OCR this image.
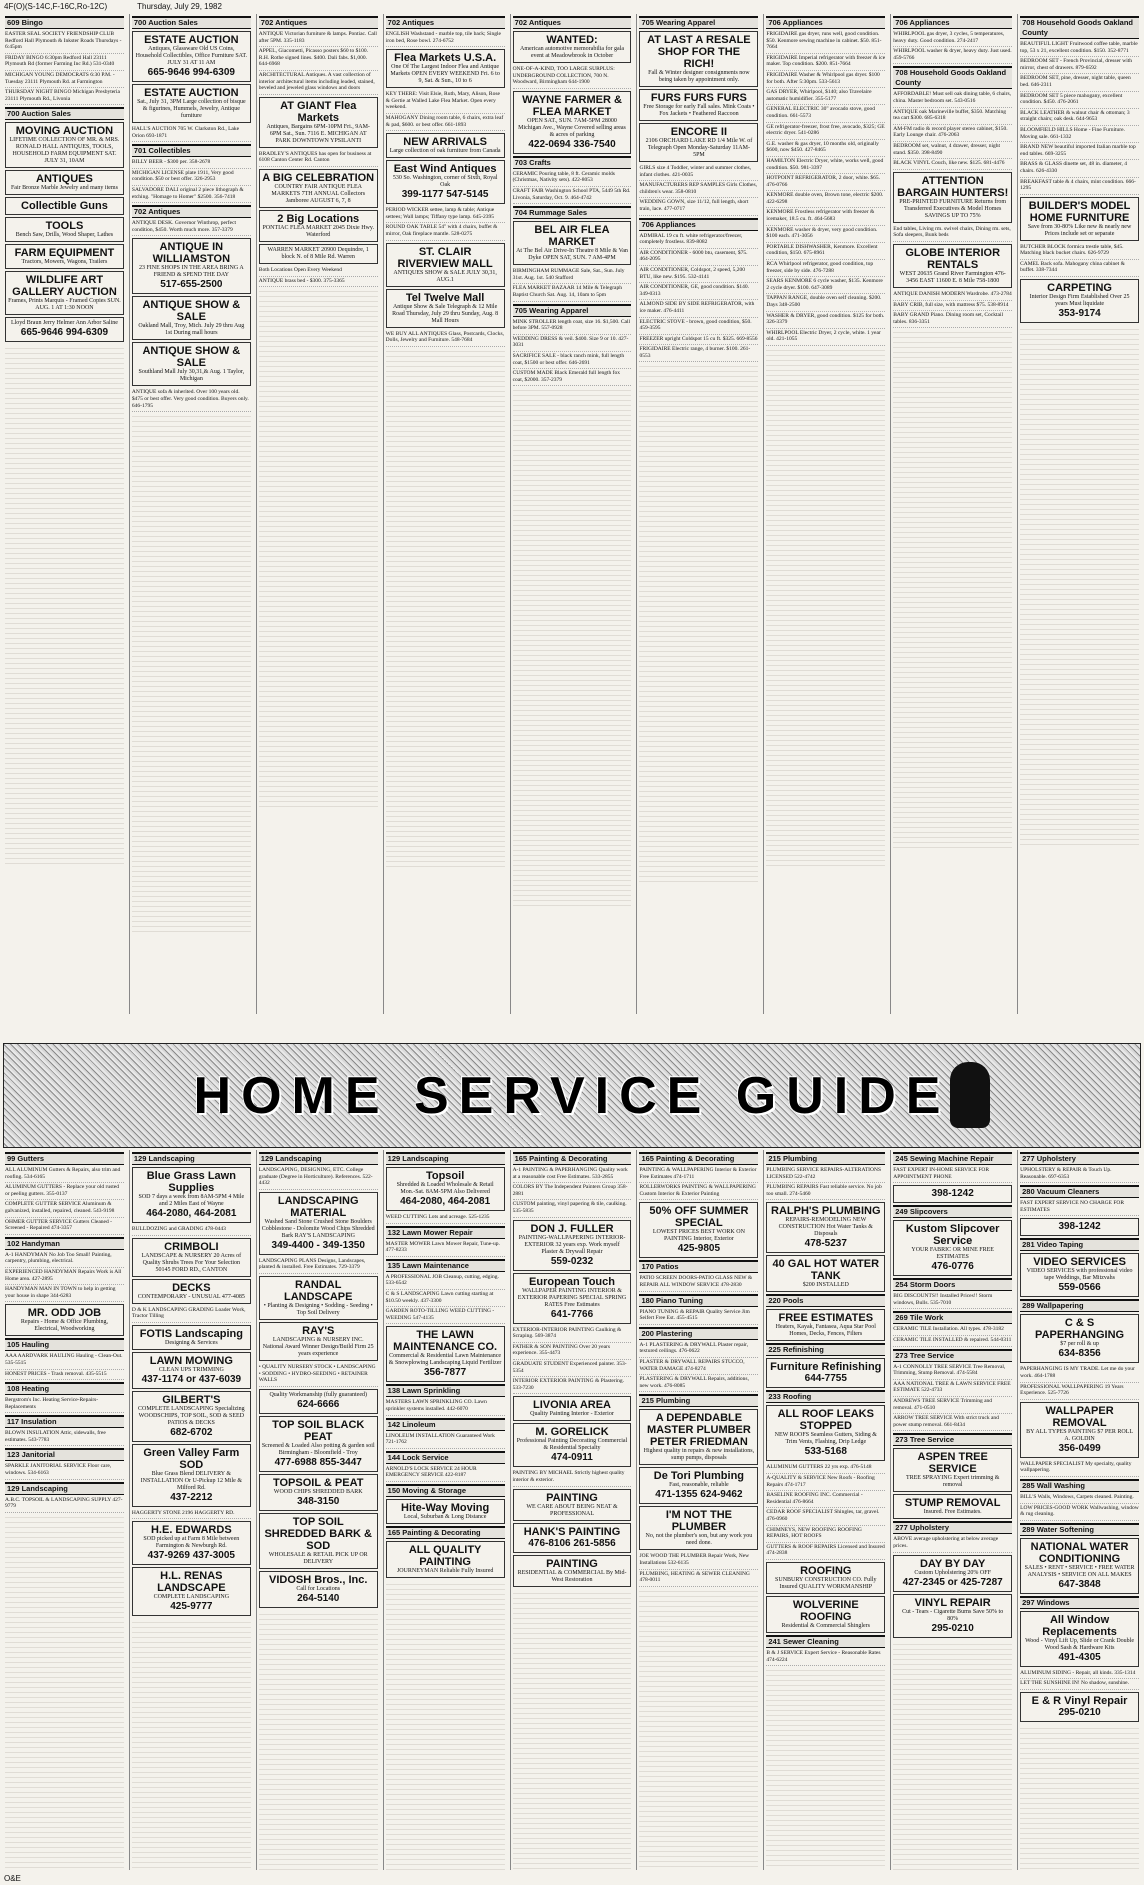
4F(O)(S-14C,F-16C,Ro-12C)	Thursday, July 29, 1982
609 Bingo
EASTER SEAL SOCIETY FRIENDSHIP CLUB Redford Hall Plymouth & Inkster Roads Thursdays - 6:45pm
FRIDAY BINGO 6:30pm Redford Hall 23111 Plymouth Rd (former Farming Inc Rd.) 531-0340
MICHIGAN YOUNG DEMOCRATS 6:30 P.M. - Tuesday 23111 Plymouth Rd. at Farmington
THURSDAY NIGHT BINGO Michigan Presbyteria 23111 Plymouth Rd., Livonia
700 Auction Sales
MOVING AUCTION
LIFETIME COLLECTION OF MR. & MRS. RONALD HALL ANTIQUES, TOOLS, HOUSEHOLD FARM EQUIPMENT SAT. JULY 31, 10AM
ANTIQUES
Fair Bronze Marble Jewelry and many items
Collectible Guns
TOOLS
Bench Saw, Drills, Wood Shaper, Lathes
FARM EQUIPMENT
Tractors, Mowers, Wagons, Trailers
WILDLIFE ART GALLERY AUCTION
Frames, Prints Marquis - Framed Copies SUN. AUG. 1 AT 1:30 NOON
Lloyd Braun Jerry Helmer Ann Arbor Saline
665-9646 994-6309
700 Auction Sales
ESTATE AUCTION
Antiques, Glassware Old US Coins, Household Collectibles, Office Furniture SAT. JULY 31 AT 11 AM
665-9646 994-6309
ESTATE AUCTION
Sat., July 31, 3PM Large collection of bisque & figurines, Hummels, Jewelry, Antique furniture
HALL'S AUCTION 705 W. Clarkston Rd., Lake Orion 693-1871
701 Collectibles
BILLY BEER - $300 per. 358-2678
MICHIGAN LICENSE plate 1911, Very good condition. $50 or best offer. 326-2953
SALVADORE DALI original 2 piece lithograph & etching. "Homage to Homer" $2500. 356-7418
702 Antiques
ANTIQUE DESK. Governor Winthrop, perfect condition, $450. Worth much more. 357-3379
ANTIQUE IN WILLIAMSTON
23 FINE SHOPS IN THE AREA BRING A FRIEND & SPEND THE DAY
517-655-2500
ANTIQUE SHOW & SALE
Oakland Mall, Troy, Mich. July 29 thru Aug 1st During mall hours
ANTIQUE SHOW & SALE
Southland Mall July 30,31,& Aug. 1 Taylor, Michigan
ANTIQUE sofa & inherited. Over 100 years old. $475 or best offer. Very good condition. Buyers only. 646-1795
702 Antiques
ANTIQUE Victorian furniture & lamps. Pontiac. Call after 5PM. 335-1183
APPEL, Giacometti, Picasso posters $60 to $100. R.H. Rothe signed lines. $400. Dali fabs. $1,000. 644-6968
ARCHITECTURAL Antiques. A vast collection of interior architectural items including leaded, stained, beveled and jeweled glass windows and doors
AT GIANT Flea Markets
Antiques, Bargains 6PM-10PM Fri., 9AM-6PM Sat., Sun. 7116 E. MICHIGAN AT PARK DOWNTOWN YPSILANTI
BRADLEY'S ANTIQUES has open for business at 6108 Canton Center Rd. Canton
A BIG CELEBRATION
COUNTRY FAIR ANTIQUE FLEA MARKETS 7TH ANNUAL Collectors Jamboree AUGUST 6, 7, 8
2 Big Locations
PONTIAC FLEA MARKET 2045 Dixie Hwy. Waterford
WARREN MARKET 20900 Dequindre, 1 block N. of 8 Mile Rd. Warren
Both Locations Open Every Weekend
ANTIQUE brass bed - $300. 375-3365
702 Antiques
ENGLISH Washstand - marble top, tile back; Single iron bed, Rose bowl. 274-6752
Flea Markets U.S.A.
One Of The Largest Indoor Flea and Antique Markets OPEN EVERY WEEKEND Fri. 6 to 9, Sat. & Sun., 10 to 6
KEY THERE: Visit Elsie, Ruth, Mary, Alison, Rose & Gertie at Walled Lake Flea Market. Open every weekend.
MAHOGANY Dining room table, 6 chairs, extra leaf & pad, $600. or best offer. 661-1893
NEW ARRIVALS
Large collection of oak furniture from Canada
East Wind Antiques
530 So. Washington, corner of Sixth, Royal Oak
399-1177 547-5145
PERIOD WICKER settee, lamp & table; Antique settees; Wall lamps; Tiffany type lamp. 645-2395
ROUND OAK TABLE 54" with 4 chairs, buffet & mirror, Oak fireplace mantle. 528-0275
ST. CLAIR RIVERVIEW MALL
ANTIQUES SHOW & SALE JULY 30,31, AUG.1
Tel Twelve Mall
Antique Show & Sale Telegraph & 12 Mile Road Thursday, July 29 thru Sunday, Aug. 8 Mall Hours
WE BUY ALL ANTIQUES Glass, Postcards, Clocks, Dolls, Jewelry and Furniture. 548-7684
702 Antiques
WANTED:
American automotive memorabilia for gala event at Meadowbrook in October
ONE-OF-A-KIND, TOO LARGE SURPLUS: UNDERGROUND COLLECTION, 700 N. Woodward, Birmingham 644-1900
WAYNE FARMER & FLEA MARKET
OPEN SAT., SUN. 7AM-5PM 28000 Michigan Ave., Wayne Covered selling areas & acres of parking
422-0694 336-7540
703 Crafts
CERAMIC Pouring table, 8 ft. Ceramic molds (Christmas, Nativity sets). 422-8053
CRAFT FAIR Washington School PTA, 5449 5th Rd. Livonia, Saturday, Oct. 9. 464-4742
704 Rummage Sales
BEL AIR FLEA MARKET
At The Bel Air Drive-In Theatre 8 Mile & Van Dyke OPEN SAT, SUN. 7 AM-4PM
BIRMINGHAM RUMMAGE Sale, Sat., Sun. July 31st. Aug. 1st. 540 Stafford
FLEA MARKET BAZAAR 14 Mile & Telegraph Baptist Church Sat. Aug. 14, 10am to 5pm
705 Wearing Apparel
MINK STROLLER length coat, size 16. $1,500. Call before 3PM. 557-0928
WEDDING DRESS & veil. $400. Size 9 or 10. 427-3031
SACRIFICE SALE - black ranch mink, full length coat, $1500 or best offer. 646-2691
CUSTOM MADE Black Emerald full length fox coat, $2000. 357-2379
705 Wearing Apparel
AT LAST A RESALE SHOP FOR THE RICH!
Fall & Winter designer consignments now being taken by appointment only.
FURS FURS FURS
Free Storage for early Fall sales. Mink Coats • Fox Jackets • Feathered Raccoon
ENCORE II
2106 ORCHARD LAKE RD 1/4 Mile W. of Telegraph Open Monday-Saturday 11AM-5PM
GIRLS size 4 Toddler, winter and summer clothes, infant clothes. 421-0035
MANUFACTURERS REP SAMPLES Girls Clothes, children's wear. 358-0810
WEDDING GOWN, size 11/12, full length, short train, lace. 477-0717
706 Appliances
ADMIRAL 19 cu ft. white refrigerator/freezer, completely frostless. 839-8082
AIR CONDITIONER - 6000 btu, casement, $75. 464-2095
AIR CONDITIONER, Coldspot, 2 speed, 5,200 BTU, like new. $195. 532-4141
AIR CONDITIONER, GE, good condition. $140. 349-0313
ALMOND SIDE BY SIDE REFRIGERATOR, with ice maker. 476-4411
ELECTRIC STOVE - brown, good condition, $50. 459-3595
FREEZER upright Coldspot 15 cu ft. $325. 669-8556
FRIGIDAIRE Electric range, 4 burner. $100. 261-0553
706 Appliances
FRIGIDAIRE gas dryer, runs well, good condition. $50. Kenmore sewing machine in cabinet. $50. 851-7664
FRIGIDAIRE Imperial refrigerator with freezer & ice maker. Top condition. $200. 851-7664
FRIGIDAIRE Washer & Whirlpool gas dryer. $100 for both. After 5:30pm. 533-5613
GAS DRYER, Whirlpool, $140; also Travelaire automatic humidifier. 355-5177
GENERAL ELECTRIC 30" avocado stove, good condition. 661-5573
GE refrigerator-freezer, frost free, avocado, $325; GE electric dryer. 541-0286
G.E. washer & gas dryer, 10 months old, originally $600, now $450. 427-8465
HAMILTON Electric Dryer, white, works well, good condition. $50. 981-3397
HOTPOINT REFRIGERATOR, 2 door, white. $65. 476-0766
KENMORE double oven, Brown tone, electric $200. 422-6298
KENMORE Frostless refrigerator with freezer & icemaker, 18.5 cu. ft. 464-5683
KENMORE washer & dryer, very good condition. $100 each. 471-3056
PORTABLE DISHWASHER, Kenmore. Excellent condition, $150. 675-8961
RCA Whirlpool refrigerator, good condition, top freezer, side by side. 476-7288
SEARS KENMORE 6 cycle washer, $135. Kenmore 2 cycle dryer. $100. 647-3089
TAPPAN RANGE, double oven self cleaning. $200. Days 348-2500
WASHER & DRYER, good condition. $125 for both. 326-3379
WHIRLPOOL Electric Dryer, 2 cycle, white. 1 year old. 421-1055
706 Appliances
WHIRLPOOL gas dryer, 3 cycles, 5 temperatures, heavy duty. Good condition. 274-2417
WHIRLPOOL washer & dryer, heavy duty. Just used. 459-5766
708 Household Goods Oakland County
AFFORDABLE! Must sell oak dining table, 6 chairs, china. Master bedroom set. 543-0516
ANTIQUE oak Marineville buffet, $350. Matching tea cart $300. 685-6318
AM-FM radio & record player stereo cabinet, $150. Early Lounge chair. 476-2063
BEDROOM set, walnut, 4 drawer, dresser, night stand. $350. 398-8490
BLACK VINYL Couch, like new. $125. 681-4476
ATTENTION BARGAIN HUNTERS!
PRE-PRINTED FURNITURE Returns from Transferred Executives & Model Homes SAVINGS UP TO 75%
End tables, Living rm. swivel chairs, Dining rm. sets, Sofa sleepers, Bunk beds
GLOBE INTERIOR RENTALS
WEST 20635 Grand River Farmington 476-3456 EAST 11600 E. 8 Mile 758-1800
ANTIQUE DANISH MODERN Wardrobe. 473-2784
BABY CRIB, full size, with mattress $75. 538-8914
BABY GRAND Piano. Dining room set, Cocktail tables. 836-3351
708 Household Goods Oakland County
BEAUTIFUL LIGHT Fruitwood coffee table, marble top, 53 x 21, excellent condition. $150. 352-8771
BEDROOM SET - French Provincial, dresser with mirror, chest of drawers. 879-6592
BEDROOM SET, pine, dresser, night table, queen bed. 646-2311
BEDROOM SET 5 piece mahogany, excellent condition. $450. 476-2061
BLACK LEATHER & walnut chair & ottoman; 3 straight chairs; oak desk. 644-9653
BLOOMFIELD HILLS Home - Fine Furniture. Moving sale. 661-1332
BRAND NEW beautiful imported Italian marble top end tables. 669-3255
BRASS & GLASS dinette set, 48 in. diameter, 4 chairs. 626-4330
BREAKFAST table & 4 chairs, mint condition. 666-1295
BUILDER'S MODEL HOME FURNITURE
Save from 30-80% Like new & nearly new Prices include set or separate
BUTCHER BLOCK formica trestle table, $45. Matching black bucket chairs. 626-9729
CAMEL Back sofa. Mahogany china cabinet & buffet. 338-7344
CARPETING
Interior Design Firm Established Over 25 years Must liquidate
353-9174
HOME SERVICE GUIDE
99 Gutters
ALL ALUMINUM Gutters & Repairs, also trim and roofing. 534-6165
ALUMINUM GUTTERS - Replace your old rusted or peeling gutters. 355-0137
COMPLETE GUTTER SERVICE Aluminum & galvanized, installed, repaired, cleaned. 543-9198
OHMER GUTTER SERVICE Gutters Cleaned - Screened - Repaired 474-3357
102 Handyman
A-1 HANDYMAN No Job Too Small! Painting, carpentry, plumbing, electrical.
EXPERIENCED HANDYMAN Repairs Work is All Home area. 427-2895
HANDYMAN MAN IN TOWN to help in getting your house in shape 344-6283
MR. ODD JOB
Repairs - Home & Office Plumbing, Electrical, Woodworking
105 Hauling
AAA AARDVARK HAULING Hauling - Clean-Out. 535-5515
HONEST PRICES - Trash removal. 435-5515
108 Heating
Bergstrom's Inc. Heating Service-Repairs-Replacements
117 Insulation
BLOWN INSULATION Attic, sidewalls, free estimates. 543-7783
123 Janitorial
SPARKLE JANITORIAL SERVICE Floor care, windows. 534-6163
129 Landscaping
A.B.C. TOPSOIL & LANDSCAPING SUPPLY 427-9779
129 Landscaping
Blue Grass Lawn Supplies
SOD 7 days a week from 8AM-5PM 4 Mile and 2 Miles East of Wayne
464-2080, 464-2081
BULLDOZING and GRADING 478-0443
CRIMBOLI
LANDSCAPE & NURSERY 20 Acres of Quality Shrubs Trees For Your Selection 50145 FORD RD., CANTON
DECKS
CONTEMPORARY - UNUSUAL 477-4085
D & K LANDSCAPING GRADING Loader Work, Tractor Tilling
FOTIS Landscaping
Designing & Services
LAWN MOWING
CLEAN UPS TRIMMING
437-1174 or 437-6039
GILBERT'S
COMPLETE LANDSCAPING Specializing WOODSCHIPS, TOP SOIL, SOD & SEED PATIOS & DECKS
682-6702
Green Valley Farm SOD
Blue Grass Blend DELIVERY & INSTALLATION Or U-Pickup 12 Mile & Milford Rd.
437-2212
HAGGERTY STONE 2196 HAGGERTY RD.
H.E. EDWARDS
SOD picked up at Farm 8 Mile between Farmington & Newburgh Rd.
437-9269 437-3005
H.L. RENAS LANDSCAPE
COMPLETE LANDSCAPING
425-9777
129 Landscaping
LANDSCAPING, DESIGNING, ETC. College graduate (Degree in Horticulture). References. 522-4432
LANDSCAPING MATERIAL
Washed Sand Stone Crushed Stone Boulders Cobblestone - Dolomite Wood Chips Shredded Bark RAY'S LANDSCAPING
349-4400 - 349-1350
LANDSCAPING PLANS Designs, Landscapes, planted & installed. Free Estimates. 729-3379
RANDAL LANDSCAPE
• Planting & Designing • Sodding - Seeding • Top Soil Delivery
RAY'S
LANDSCAPING & NURSERY INC. National Award Winner Design/Build Firm 25 years experience
• QUALITY NURSERY STOCK • LANDSCAPING • SODDING • HYDRO-SEEDING • RETAINER WALLS
Quality Workmanship (fully guaranteed)
624-6666
TOP SOIL BLACK PEAT
Screened & Loaded Also potting & garden soil Birmingham - Bloomfield - Troy
477-6988 855-3447
TOPSOIL & PEAT
WOOD CHIPS SHREDDED BARK
348-3150
TOP SOIL SHREDDED BARK & SOD
WHOLESALE & RETAIL PICK UP OR DELIVERY
VIDOSH Bros., Inc.
Call for Locations
264-5140
129 Landscaping
Topsoil
Shredded & Loaded Wholesale & Retail Mon.-Sat. 8AM-5PM Also Delivered
464-2080, 464-2081
WEED CUTTING Lots and acreage. 525-1235
132 Lawn Mower Repair
MASTER MOWER Lawn Mower Repair, Tune-up. 477-8233
135 Lawn Maintenance
A PROFESSIONAL JOB Cleanup, cutting, edging. 533-6542
C & S LANDSCAPING Lawn cutting starting at $10.50 weekly. 437-3300
GARDEN ROTO-TILLING WEED CUTTING - WEEDING 547-4135
THE LAWN MAINTENANCE CO.
Commercial & Residential Lawn Maintenance & Snowplowing Landscaping Liquid Fertilizer
356-7877
138 Lawn Sprinkling
MASTERS LAWN SPRINKLING CO. Lawn sprinkler systems installed. 442-6070
142 Linoleum
LINOLEUM INSTALLATION Guaranteed Work 721-1762
144 Lock Service
ARNOLD'S LOCK SERVICE 24 HOUR EMERGENCY SERVICE 422-8187
150 Moving & Storage
Hite-Way Moving
Local, Suburban & Long Distance
165 Painting & Decorating
ALL QUALITY PAINTING
JOURNEYMAN Reliable Fully Insured
165 Painting & Decorating
A-1 PAINTING & PAPERHANGING Quality work at a reasonable cost Free Estimates. 533-2855
COLORS BY The Independent Painters Group 358-2881
CUSTOM painting, vinyl papering & tile, caulking. 535-5835
DON J. FULLER
PAINTING-WALLPAPERING INTERIOR-EXTERIOR 32 years exp. Work myself Plaster & Drywall Repair
559-0232
European Touch
WALLPAPER PAINTING INTERIOR & EXTERIOR PAPERING SPECIAL SPRING RATES Free Estimates
641-7766
EXTERIOR-INTERIOR PAINTING Caulking & Scraping. 569-3874
FATHER & SON PAINTING Over 20 years experience. 355-4473
GRADUATE STUDENT Experienced painter. 353-5354
INTERIOR EXTERIOR PAINTING & Plastering. 533-7230
LIVONIA AREA
Quality Painting Interior - Exterior
M. GORELICK
Professional Painting Decorating Commercial & Residential Specialty
474-0911
PAINTING BY MICHAEL Strictly highest quality interior & exterior.
PAINTING
WE CARE ABOUT BEING NEAT & PROFESSIONAL
HANK'S PAINTING
476-8106 261-5856
PAINTING
RESIDENTIAL & COMMERCIAL By Mid-West Restoration
165 Painting & Decorating
PAINTING & WALLPAPERING Interior & Exterior Free Estimates 474-1711
ROLLERWORKS PAINTING & WALLPAPERING Custom Interior & Exterior Painting
50% OFF SUMMER SPECIAL
LOWEST PRICES BEST WORK ON PAINTING Interior, Exterior
425-9805
170 Patios
PATIO SCREEN DOORS-PATIO GLASS NEW & REPAIR ALL WINDOW SERVICE 478-2830
180 Piano Tuning
PIANO TUNING & REPAIR Quality Service Jim Seifert Free Est. 455-4515
200 Plastering
A-1 PLASTERING & DRYWALL Plaster repair, textured ceilings. 476-0622
PLASTER & DRYWALL REPAIRS STUCCO, WATER DAMAGE 474-8274
PLASTERING & DRYWALL Repairs, additions, new work. 476-8085
215 Plumbing
A DEPENDABLE MASTER PLUMBER PETER FRIEDMAN
Highest quality in repairs & new installations, sump pumps, disposals
De Tori Plumbing
Fast, reasonable, reliable
471-1355 624-9462
I'M NOT THE PLUMBER
No, not the plumber's son, but any work you need done.
JOE WOOD THE PLUMBER Repair Work, New Installations 532-6135
PLUMBING, HEATING & SEWER CLEANING 478-0011
215 Plumbing
PLUMBING SERVICE REPAIRS-ALTERATIONS LICENSED 522-4742
PLUMBING REPAIRS Fast reliable service. No job too small. 274-5460
RALPH'S PLUMBING
REPAIRS-REMODELING NEW CONSTRUCTION Hot Water Tanks & Disposals
478-5237
40 GAL HOT WATER TANK
$200 INSTALLED
220 Pools
FREE ESTIMATES
Heaters, Kayak, Fantasea, Aqua Star Pool Homes, Decks, Fences, Filters
225 Refinishing
Furniture Refinishing
644-7755
233 Roofing
ALL ROOF LEAKS STOPPED
NEW ROOFS Seamless Gutters, Siding & Trim Vents, Flashing, Drip Ledge
533-5168
ALUMINUM GUTTERS 22 yrs exp. 476-5148
A-QUALITY & SERVICE New Roofs - Roofing Repairs 474-1717
BASELINE ROOFING INC. Commercial - Residential 476-8664
CEDAR ROOF SPECIALIST Shingles, tar, gravel. 476-0960
CHIMNEYS, NEW ROOFING ROOFING REPAIRS, HOT ROOFS
GUTTERS & ROOF REPAIRS Licensed and Insured 474-2838
ROOFING
SUNBURY CONSTRUCTION CO. Fully Insured QUALITY WORKMANSHIP
WOLVERINE ROOFING
Residential & Commercial Shinglers
241 Sewer Cleaning
B & J SERVICE Expert Service - Reasonable Rates 474-6224
245 Sewing Machine Repair
FAST EXPERT IN-HOME SERVICE FOR APPOINTMENT PHONE
398-1242
249 Slipcovers
Kustom Slipcover Service
YOUR FABRIC OR MINE FREE ESTIMATES
476-0776
254 Storm Doors
BIG DISCOUNTS!! Installed Prices!! Storm windows, Bulls. 535-7010
269 Tile Work
CERAMIC TILE Installation. All types. 478-3182
CERAMIC TILE INSTALLED & repaired. 544-0311
273 Tree Service
A-1 CONNOLLY TREE SERVICE Tree Removal, Trimming, Stump Removal. 474-5584
AAA NATIONAL TREE & LAWN SERVICE FREE ESTIMATE 522-4733
ANDREWS TREE SERVICE Trimming and removal. 471-0510
ARROW TREE SERVICE With strict truck and power stump removal. 661-8434
273 Tree Service
ASPEN TREE SERVICE
TREE SPRAYING Expert trimming & removal
STUMP REMOVAL
Insured. Free Estimates.
277 Upholstery
ABOVE average upholstering at below average prices.
DAY BY DAY
Custom Upholstering 20% OFF
427-2345 or 425-7287
VINYL REPAIR
Cut - Tears - Cigarette Burns Save 50% to 80%
295-0210
277 Upholstery
UPHOLSTERY & REPAIR & Touch Up. Reasonable. 697-6353
280 Vacuum Cleaners
FAST EXPERT SERVICE NO CHARGE FOR ESTIMATES
398-1242
281 Video Taping
VIDEO SERVICES
VIDEO SERVICES with professional video tape Weddings, Bar Mitzvahs
559-0566
289 Wallpapering
C & S PAPERHANGING
$7 per roll & up
634-8356
PAPERHANGING IS MY TRADE. Let me do your work. 464-1788
PROFESSIONAL WALLPAPERING 19 Years Experience. 525-7726
WALLPAPER REMOVAL
BY ALL TYPES PAINTING $7 PER ROLL A. GOLDIN
356-0499
WALLPAPER SPECIALIST My specialty, quality wallpapering.
285 Wall Washing
BILL'S Walls, Windows, Carpets cleaned. Painting.
LOW PRICES-GOOD WORK Wallwashing, window & rug cleaning.
289 Water Softening
NATIONAL WATER CONDITIONING
SALES • RENT • SERVICE • FREE WATER ANALYSIS • SERVICE ON ALL MAKES
647-3848
297 Windows
All Window Replacements
Wood - Vinyl Lift Up, Slide or Crank Double Wood Sash & Hardware Kits
491-4305
ALUMINUM SIDING - Repair, all kinds. 335-1314
LET THE SUNSHINE IN! No shadow, sunshine.
E & R Vinyl Repair
295-0210
O&E
